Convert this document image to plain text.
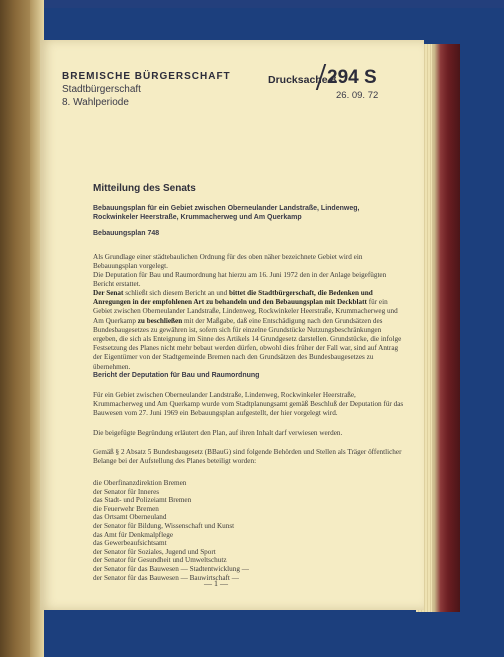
BREMISCHE BÜRGERSCHAFT
Stadtbürgerschaft
8. Wahlperiode
Drucksache 8
294 S
26. 09. 72
Mitteilung des Senats
Bebauungsplan für ein Gebiet zwischen Oberneulander Landstraße, Lindenweg,
Rockwinkeler Heerstraße, Krummacherweg und Am Querkamp
Bebauungsplan 748
Als Grundlage einer städtebaulichen Ordnung für des oben näher bezeichnete Gebiet wird ein Bebauungsplan vorgelegt.
Die Deputation für Bau und Raumordnung hat hierzu am 16. Juni 1972 den in der Anlage beigefügten Bericht erstattet.
Der Senat schließt sich diesem Bericht an und bittet die Stadtbürgerschaft, die Bedenken und Anregungen in der empfohlenen Art zu behandeln und den Bebauungsplan mit Deckblatt für ein Gebiet zwischen Oberneulander Landstraße, Lindenweg, Rockwinkeler Heerstraße, Krummacherweg und Am Querkamp zu beschließen mit der Maßgabe, daß eine Entschädigung nach den Grundsätzen des Bundesbaugesetzes zu gewähren ist, sofern sich für einzelne Grundstücke Nutzungsbeschränkungen ergeben, die sich als Enteignung im Sinne des Artikels 14 Grundgesetz darstellen. Grundstücke, die infolge Festsetzung des Planes nicht mehr bebaut werden dürfen, obwohl dies früher der Fall war, sind auf Antrag der Eigentümer von der Stadtgemeinde Bremen nach den Grundsätzen des Bundesbaugesetzes zu übernehmen.
Bericht der Deputation für Bau und Raumordnung
Für ein Gebiet zwischen Oberneulander Landstraße, Lindenweg, Rockwinkeler Heerstraße, Krummacherweg und Am Querkamp wurde vom Stadtplanungsamt gemäß Beschluß der Deputation für das Bauwesen vom 27. Juni 1969 ein Bebauungsplan aufgestellt, der hier vorgelegt wird.
Die beigefügte Begründung erläutert den Plan, auf ihren Inhalt darf verwiesen werden.
Gemäß § 2 Absatz 5 Bundesbaugesetz (BBauG) sind folgende Behörden und Stellen als Träger öffentlicher Belange bei der Aufstellung des Planes beteiligt worden:
die Oberfinanzdirektion Bremen
der Senator für Inneres
das Stadt- und Polizeiamt Bremen
die Feuerwehr Bremen
das Ortsamt Oberneuland
der Senator für Bildung, Wissenschaft und Kunst
das Amt für Denkmalpflege
das Gewerbeaufsichtsamt
der Senator für Soziales, Jugend und Sport
der Senator für Gesundheit und Umweltschutz
der Senator für das Bauwesen — Stadtentwicklung —
der Senator für das Bauwesen — Bauwirtschaft —
— 1 —
